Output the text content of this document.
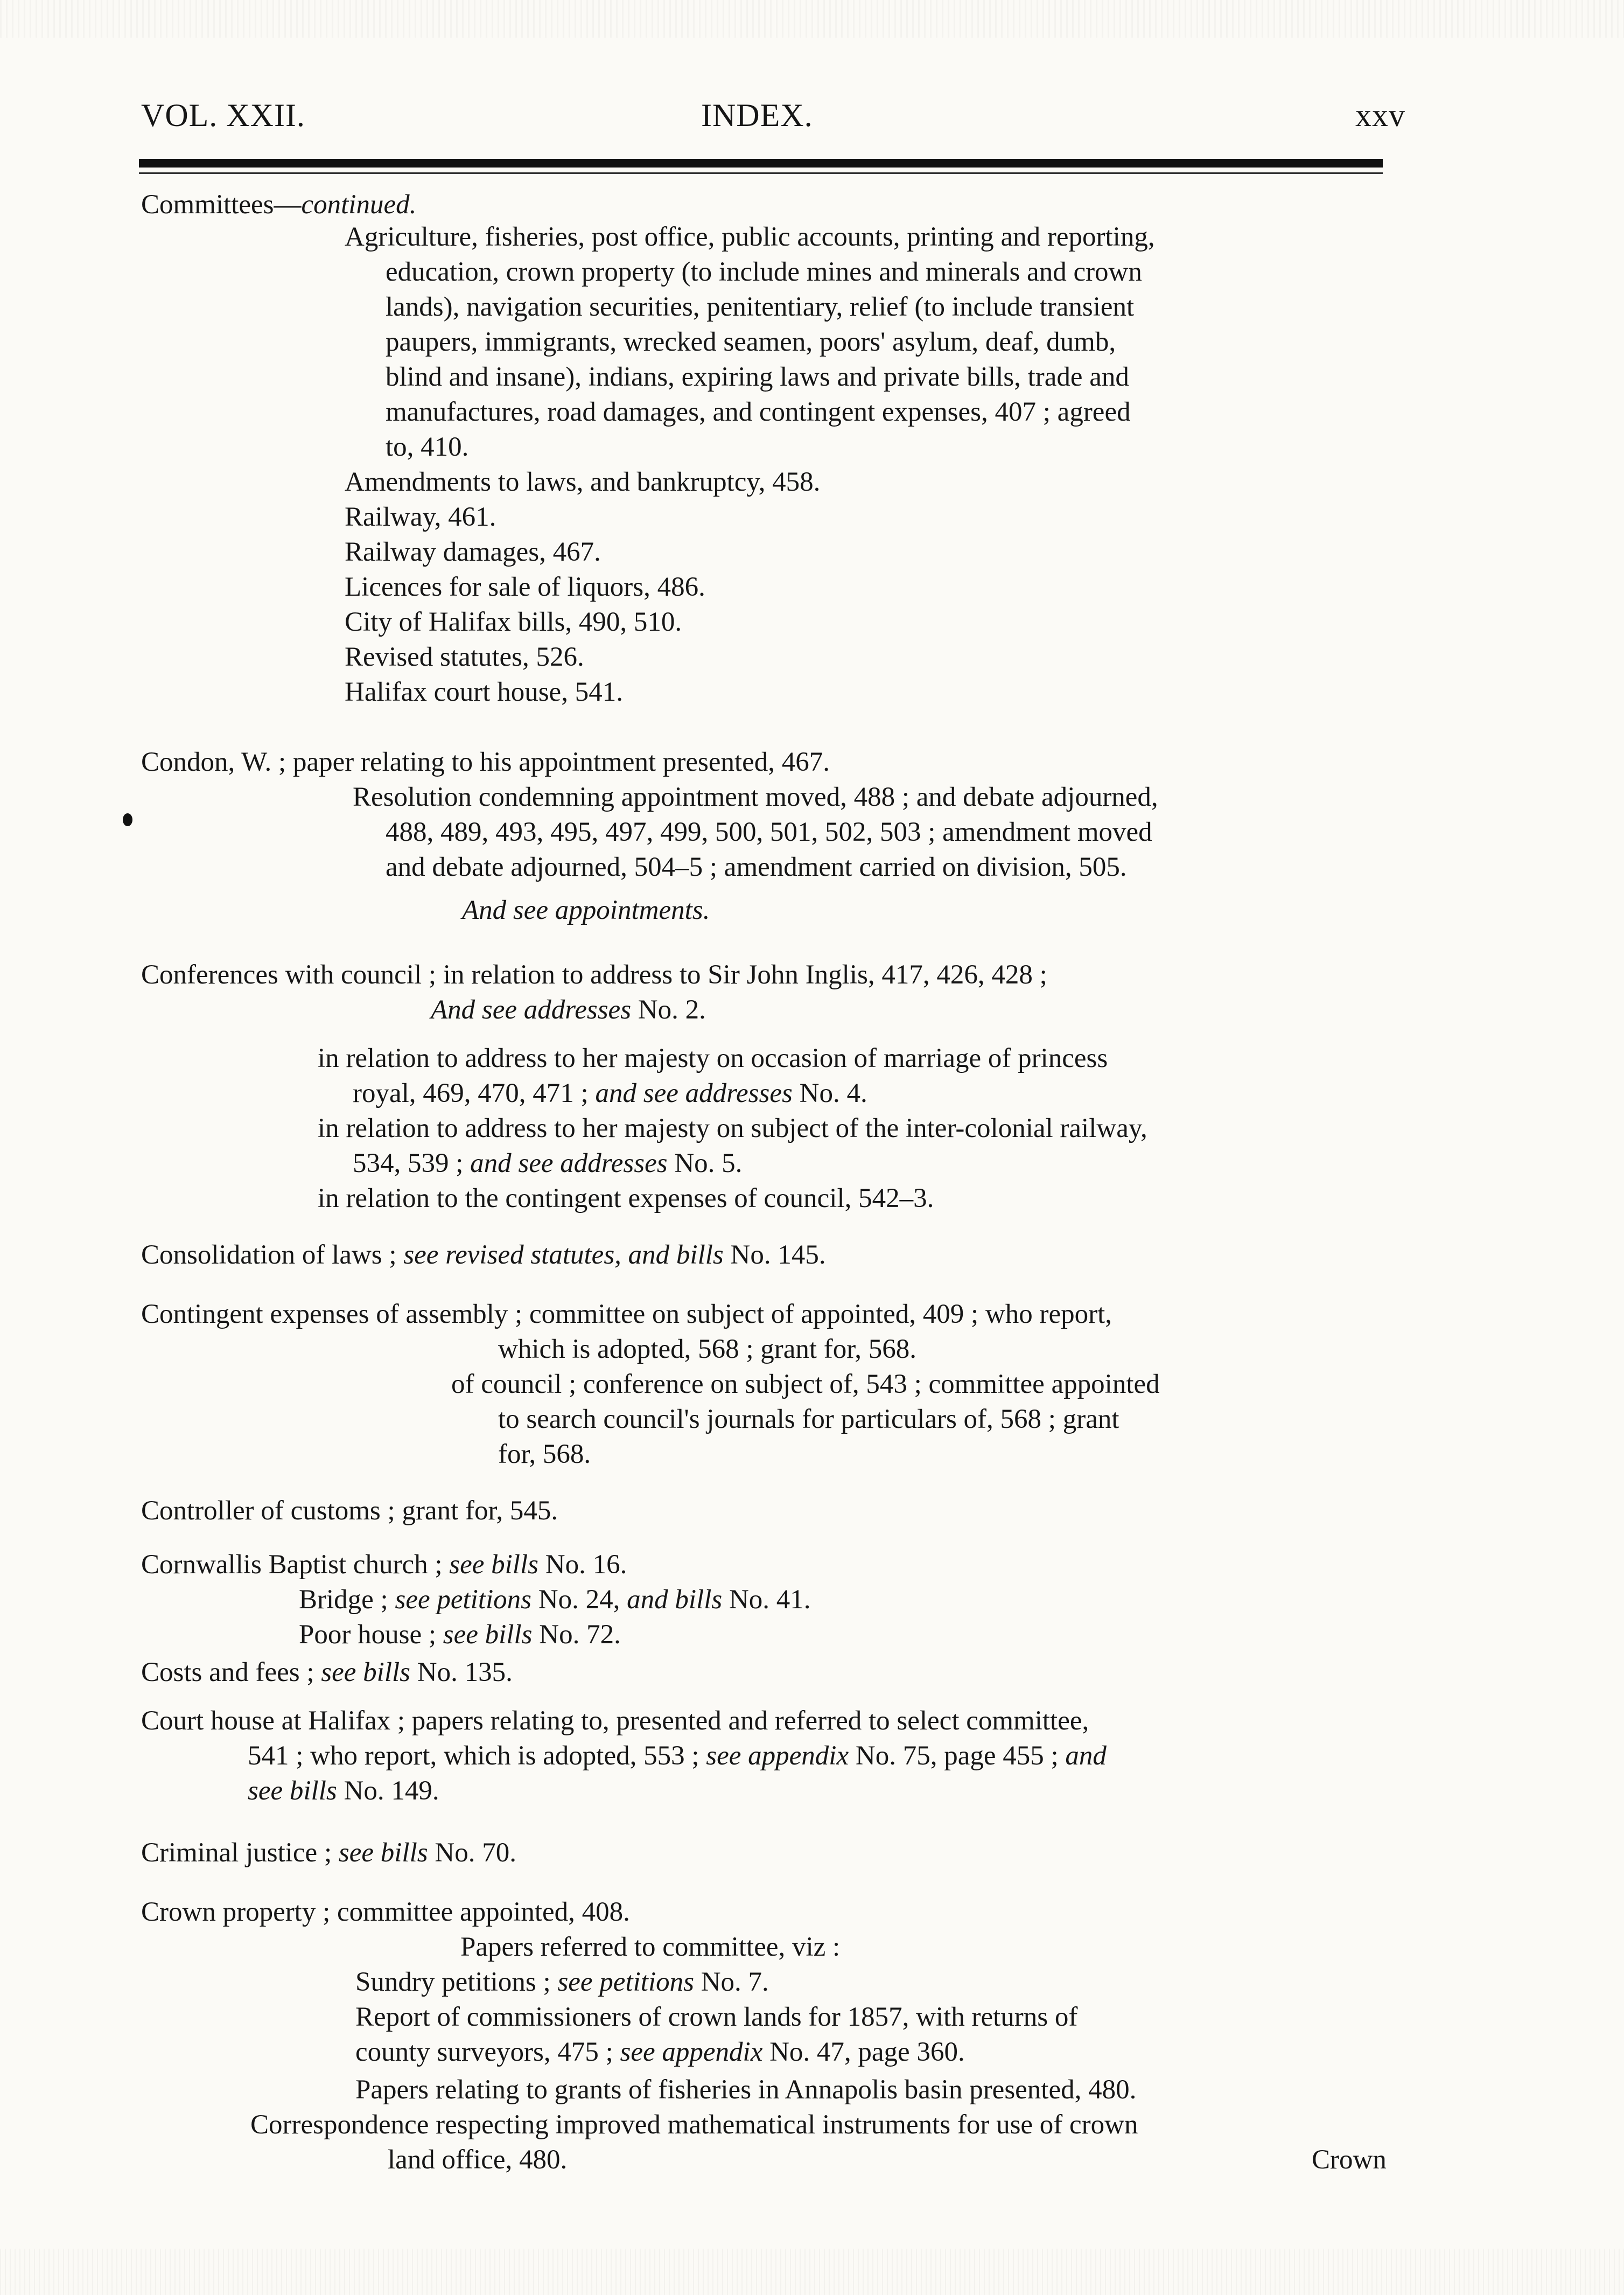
VOL. XXII.	INDEX.	xxv
Committees—continued.
Agriculture, fisheries, post office, public accounts, printing and reporting,
education, crown property (to include mines and minerals and crown
lands), navigation securities, penitentiary, relief (to include transient
paupers, immigrants, wrecked seamen, poors' asylum, deaf, dumb,
blind and insane), indians, expiring laws and private bills, trade and
manufactures, road damages, and contingent expenses, 407 ; agreed
to, 410.
Amendments to laws, and bankruptcy, 458.
Railway, 461.
Railway damages, 467.
Licences for sale of liquors, 486.
City of Halifax bills, 490, 510.
Revised statutes, 526.
Halifax court house, 541.
Condon, W. ; paper relating to his appointment presented, 467.
Resolution condemning appointment moved, 488 ; and debate adjourned,
488, 489, 493, 495, 497, 499, 500, 501, 502, 503 ; amendment moved
and debate adjourned, 504–5 ; amendment carried on division, 505.
And see appointments.
Conferences with council ; in relation to address to Sir John Inglis, 417, 426, 428 ;
And see addresses No. 2.
in relation to address to her majesty on occasion of marriage of princess
royal, 469, 470, 471 ; and see addresses No. 4.
in relation to address to her majesty on subject of the inter-colonial railway,
534, 539 ; and see addresses No. 5.
in relation to the contingent expenses of council, 542–3.
Consolidation of laws ; see revised statutes, and bills No. 145.
Contingent expenses of assembly ; committee on subject of appointed, 409 ; who report,
which is adopted, 568 ; grant for, 568.
of council ; conference on subject of, 543 ; committee appointed
to search council's journals for particulars of, 568 ; grant
for, 568.
Controller of customs ; grant for, 545.
Cornwallis Baptist church ; see bills No. 16.
Bridge ; see petitions No. 24, and bills No. 41.
Poor house ; see bills No. 72.
Costs and fees ; see bills No. 135.
Court house at Halifax ; papers relating to, presented and referred to select committee,
541 ; who report, which is adopted, 553 ; see appendix No. 75, page 455 ; and
see bills No. 149.
Criminal justice ; see bills No. 70.
Crown property ; committee appointed, 408.
Papers referred to committee, viz :
Sundry petitions ; see petitions No. 7.
Report of commissioners of crown lands for 1857, with returns of
county surveyors, 475 ; see appendix No. 47, page 360.
Papers relating to grants of fisheries in Annapolis basin presented, 480.
Correspondence respecting improved mathematical instruments for use of crown
land office, 480.	Crown
